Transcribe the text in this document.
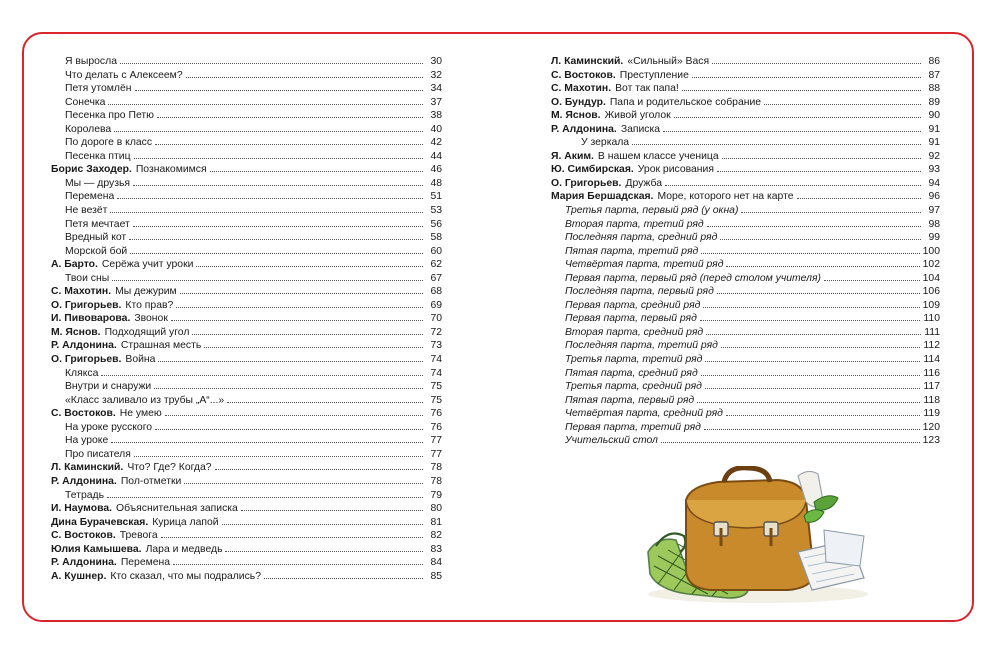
Я выросла	30
Что делать с Алексеем?	32
Петя утомлён	34
Сонечка	37
Песенка про Петю	38
Королева	40
По дороге в класс	42
Песенка птиц	44
Борис Заходер. Познакомимся	46
Мы — друзья	48
Перемена	51
Не везёт	53
Петя мечтает	56
Вредный кот	58
Морской бой	60
А. Барто. Серёжа учит уроки	62
Твои сны	67
С. Махотин. Мы дежурим	68
О. Григорьев. Кто прав?	69
И. Пивоварова. Звонок	70
М. Яснов. Подходящий угол	72
Р. Алдонина. Страшная месть	73
О. Григорьев. Война	74
Клякса	74
Внутри и снаружи	75
«Класс заливало из трубы „А“...»	75
С. Востоков. Не умею	76
На уроке русского	76
На уроке	77
Про писателя	77
Л. Каминский. Что? Где? Когда?	78
Р. Алдонина. Пол-отметки	78
Тетрадь	79
И. Наумова. Объяснительная записка	80
Дина Бурачевская. Курица лапой	81
С. Востоков. Тревога	82
Юлия Камышева. Лара и медведь	83
Р. Алдонина. Перемена	84
А. Кушнер. Кто сказал, что мы подрались?	85
Л. Каминский. «Сильный» Вася	86
С. Востоков. Преступление	87
С. Махотин. Вот так папа!	88
О. Бундур. Папа и родительское собрание	89
М. Яснов. Живой уголок	90
Р. Алдонина. Записка	91
У зеркала	91
Я. Аким. В нашем классе ученица	92
Ю. Симбирская. Урок рисования	93
О. Григорьев. Дружба	94
Мария Бершадская. Море, которого нет на карте	96
Третья парта, первый ряд (у окна)	97
Вторая парта, третий ряд	98
Последняя парта, средний ряд	99
Пятая парта, третий ряд	100
Четвёртая парта, третий ряд	102
Первая парта, первый ряд (перед столом учителя)	104
Последняя парта, первый ряд	106
Первая парта, средний ряд	109
Первая парта, первый ряд	110
Вторая парта, средний ряд	111
Последняя парта, третий ряд	112
Третья парта, третий ряд	114
Пятая парта, средний ряд	116
Третья парта, средний ряд	117
Пятая парта, первый ряд	118
Четвёртая парта, средний ряд	119
Первая парта, третий ряд	120
Учительский стол	123
